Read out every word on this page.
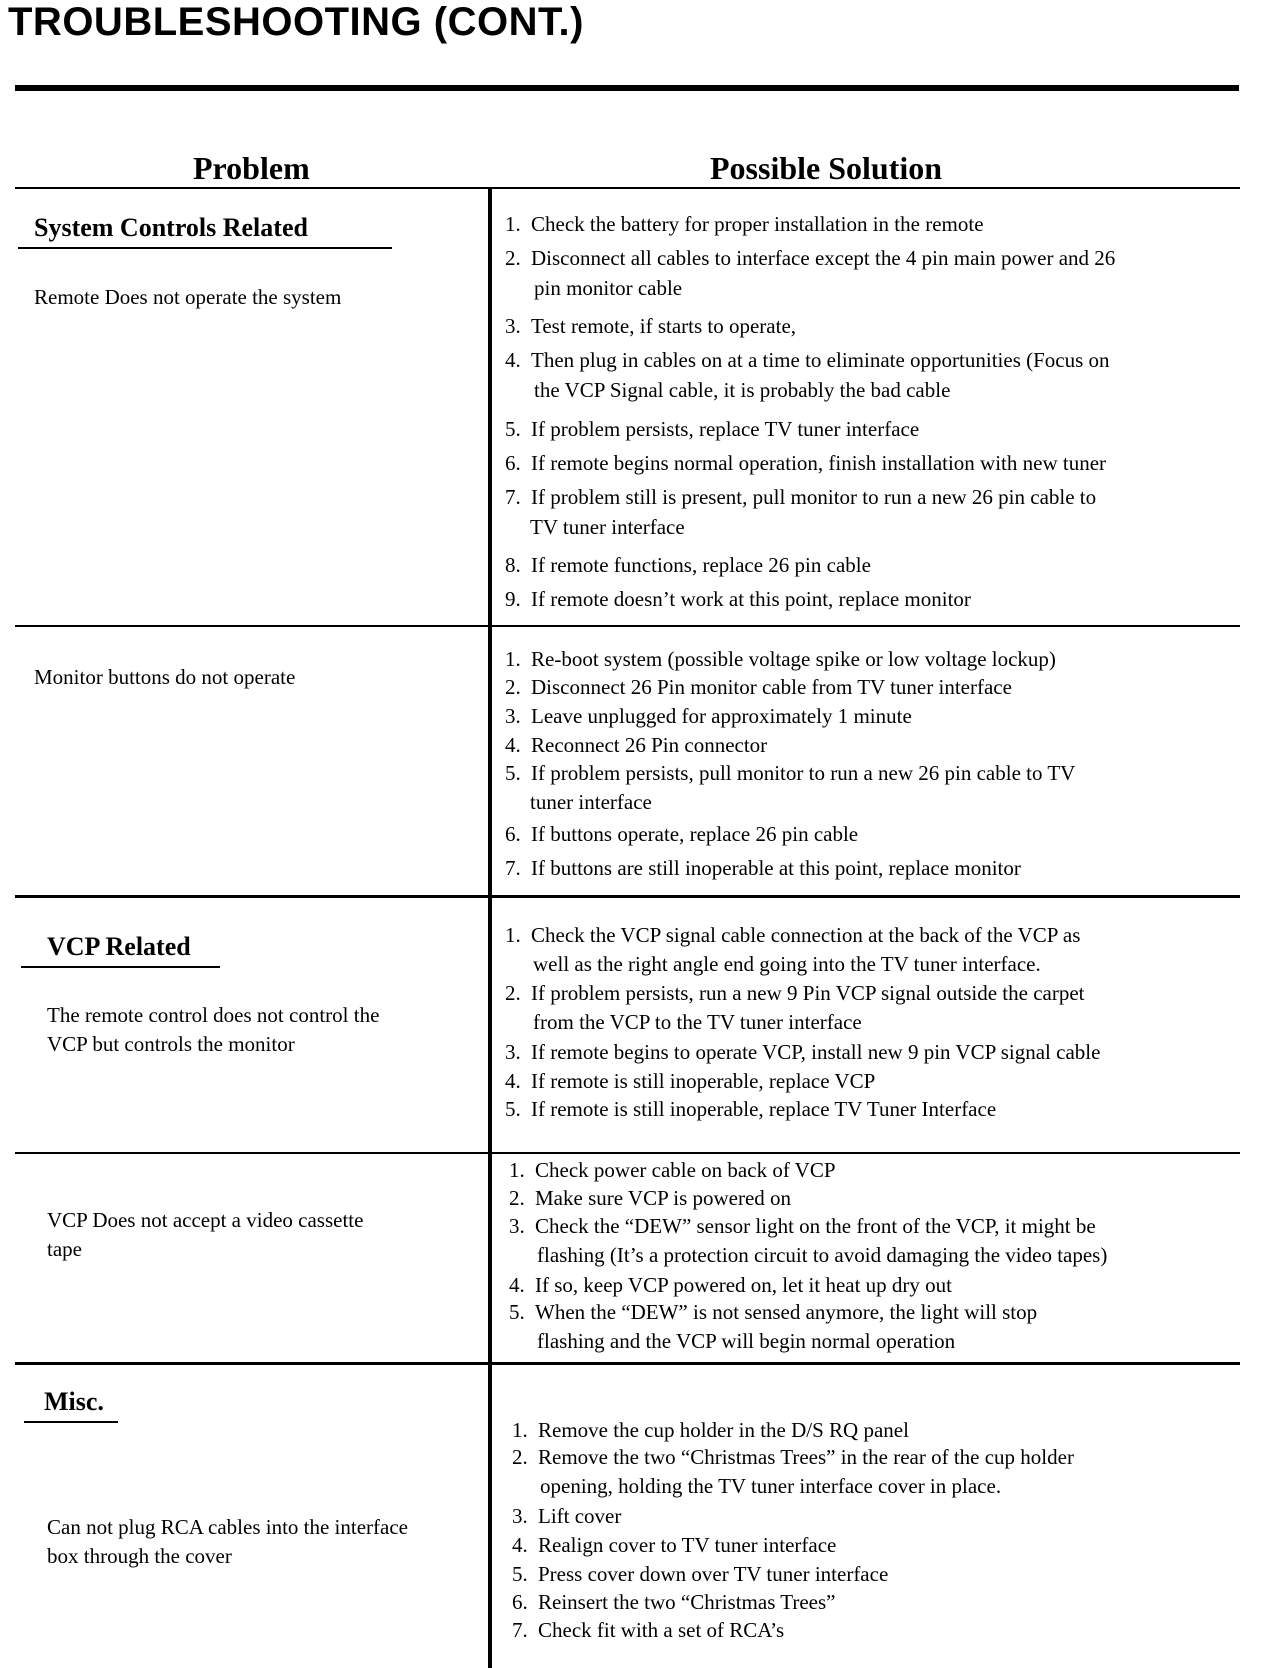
TROUBLESHOOTING (CONT.)
Problem	Possible Solution
System Controls Related
Remote Does not operate the system
1. Check the battery for proper installation in the remote
2. Disconnect all cables to interface except the 4 pin main power and 26
pin monitor cable
3. Test remote, if starts to operate,
4. Then plug in cables on at a time to eliminate opportunities (Focus on
the VCP Signal cable, it is probably the bad cable
5. If problem persists, replace TV tuner interface
6. If remote begins normal operation, finish installation with new tuner
7. If problem still is present, pull monitor to run a new 26 pin cable to
TV tuner interface
8. If remote functions, replace 26 pin cable
9. If remote doesn’t work at this point, replace monitor
Monitor buttons do not operate
1. Re-boot system (possible voltage spike or low voltage lockup)
2. Disconnect 26 Pin monitor cable from TV tuner interface
3. Leave unplugged for approximately 1 minute
4. Reconnect 26 Pin connector
5. If problem persists, pull monitor to run a new 26 pin cable to TV
tuner interface
6. If buttons operate, replace 26 pin cable
7. If buttons are still inoperable at this point, replace monitor
VCP Related
The remote control does not control the
VCP but controls the monitor
1. Check the VCP signal cable connection at the back of the VCP as
well as the right angle end going into the TV tuner interface.
2. If problem persists, run a new 9 Pin VCP signal outside the carpet
from the VCP to the TV tuner interface
3. If remote begins to operate VCP, install new 9 pin VCP signal cable
4. If remote is still inoperable, replace VCP
5. If remote is still inoperable, replace TV Tuner Interface
VCP Does not accept a video cassette
tape
1. Check power cable on back of VCP
2. Make sure VCP is powered on
3. Check the “DEW” sensor light on the front of the VCP, it might be
flashing (It’s a protection circuit to avoid damaging the video tapes)
4. If so, keep VCP powered on, let it heat up dry out
5. When the “DEW” is not sensed anymore, the light will stop
flashing and the VCP will begin normal operation
Misc.
Can not plug RCA cables into the interface
box through the cover
1. Remove the cup holder in the D/S RQ panel
2. Remove the two “Christmas Trees” in the rear of the cup holder
opening, holding the TV tuner interface cover in place.
3. Lift cover
4. Realign cover to TV tuner interface
5. Press cover down over TV tuner interface
6. Reinsert the two “Christmas Trees”
7. Check fit with a set of RCA’s
